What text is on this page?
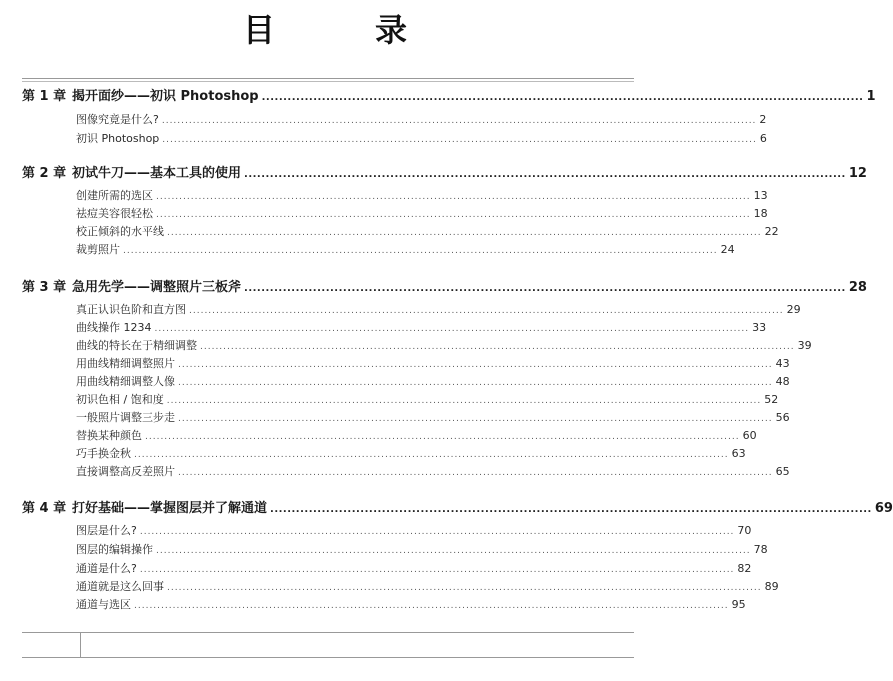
目　录
第 1 章 揭开面纱——初识 Photoshop ............................................................................................................................................ 1
图像究竟是什么? .......................................................................................................................................................... 2
初识 Photoshop .......................................................................................................................................................... 6
第 2 章 初试牛刀——基本工具的使用 ............................................................................................................................................ 12
创建所需的选区 .......................................................................................................................................................... 13
祛痘美容很轻松 .......................................................................................................................................................... 18
校正倾斜的水平线 .......................................................................................................................................................... 22
裁剪照片 .......................................................................................................................................................... 24
第 3 章 急用先学——调整照片三板斧 ............................................................................................................................................ 28
真正认识色阶和直方图 .......................................................................................................................................................... 29
曲线操作 1234 .......................................................................................................................................................... 33
曲线的特长在于精细调整 .......................................................................................................................................................... 39
用曲线精细调整照片 .......................................................................................................................................................... 43
用曲线精细调整人像 .......................................................................................................................................................... 48
初识色相 / 饱和度 .......................................................................................................................................................... 52
一般照片调整三步走 .......................................................................................................................................................... 56
替换某种颜色 .......................................................................................................................................................... 60
巧手换金秋 .......................................................................................................................................................... 63
直接调整高反差照片 .......................................................................................................................................................... 65
第 4 章 打好基础——掌握图层并了解通道 ............................................................................................................................................ 69
图层是什么? .......................................................................................................................................................... 70
图层的编辑操作 .......................................................................................................................................................... 78
通道是什么? .......................................................................................................................................................... 82
通道就是这么回事 .......................................................................................................................................................... 89
通道与选区 .......................................................................................................................................................... 95
